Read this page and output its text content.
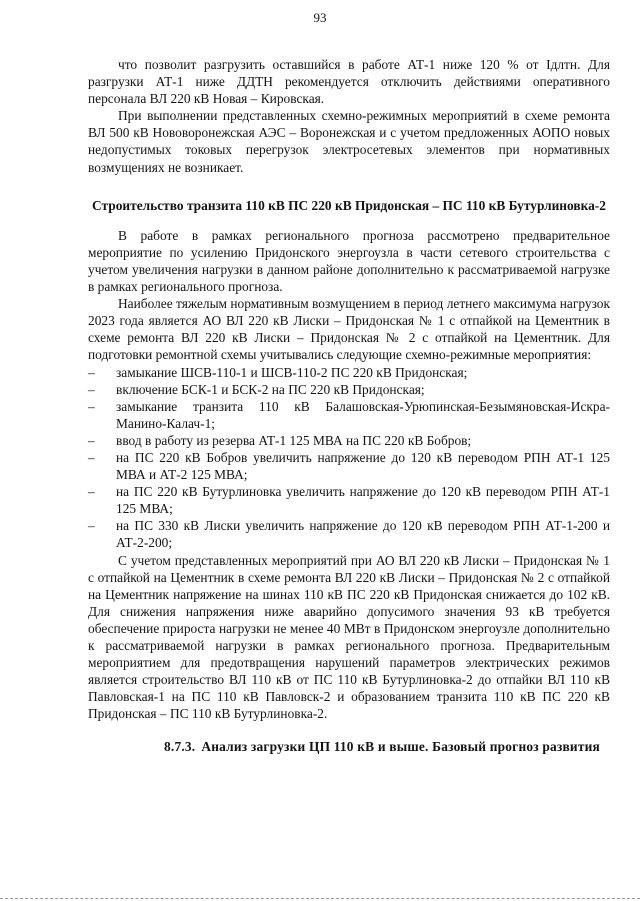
93

что позволит разгрузить оставшийся в работе АТ-1 ниже 120 % от Iдлтн. Для разгрузки АТ-1 ниже ДДТН рекомендуется отключить действиями оперативного персонала ВЛ 220 кВ Новая – Кировская.

При выполнении представленных схемно-режимных мероприятий в схеме ремонта ВЛ 500 кВ Нововоронежская АЭС – Воронежская и с учетом предложенных АОПО новых недопустимых токовых перегрузок электросетевых элементов при нормативных возмущениях не возникает.

Строительство транзита 110 кВ ПС 220 кВ Придонская – ПС 110 кВ Бутурлиновка-2

В работе в рамках регионального прогноза рассмотрено предварительное мероприятие по усилению Придонского энергоузла в части сетевого строительства с учетом увеличения нагрузки в данном районе дополнительно к рассматриваемой нагрузке в рамках регионального прогноза.

Наиболее тяжелым нормативным возмущением в период летнего максимума нагрузок 2023 года является АО ВЛ 220 кВ Лиски – Придонская № 1 с отпайкой на Цементник в схеме ремонта ВЛ 220 кВ Лиски – Придонская № 2 с отпайкой на Цементник. Для подготовки ремонтной схемы учитывались следующие схемно-режимные мероприятия:

– замыкание ШСВ-110-1 и ШСВ-110-2 ПС 220 кВ Придонская;
– включение БСК-1 и БСК-2 на ПС 220 кВ Придонская;
– замыкание транзита 110 кВ Балашовская-Урюпинская-Безымяновская-Искра-Манино-Калач-1;
– ввод в работу из резерва АТ-1 125 МВА на ПС 220 кВ Бобров;
– на ПС 220 кВ Бобров увеличить напряжение до 120 кВ переводом РПН АТ-1 125 МВА и АТ-2 125 МВА;
– на ПС 220 кВ Бутурлиновка увеличить напряжение до 120 кВ переводом РПН АТ-1 125 МВА;
– на ПС 330 кВ Лиски увеличить напряжение до 120 кВ переводом РПН АТ-1-200 и АТ-2-200;

С учетом представленных мероприятий при АО ВЛ 220 кВ Лиски – Придонская № 1 с отпайкой на Цементник в схеме ремонта ВЛ 220 кВ Лиски – Придонская № 2 с отпайкой на Цементник напряжение на шинах 110 кВ ПС 220 кВ Придонская снижается до 102 кВ. Для снижения напряжения ниже аварийно допусимого значения 93 кВ требуется обеспечение прироста нагрузки не менее 40 МВт в Придонском энергоузле дополнительно к рассматриваемой нагрузки в рамках регионального прогноза. Предварительным мероприятием для предотвращения нарушений параметров электрических режимов является строительство ВЛ 110 кВ от ПС 110 кВ Бутурлиновка-2 до отпайки ВЛ 110 кВ Павловская-1 на ПС 110 кВ Павловск-2 и образованием транзита 110 кВ ПС 220 кВ Придонская – ПС 110 кВ Бутурлиновка-2.

8.7.3. Анализ загрузки ЦП 110 кВ и выше. Базовый прогноз развития
